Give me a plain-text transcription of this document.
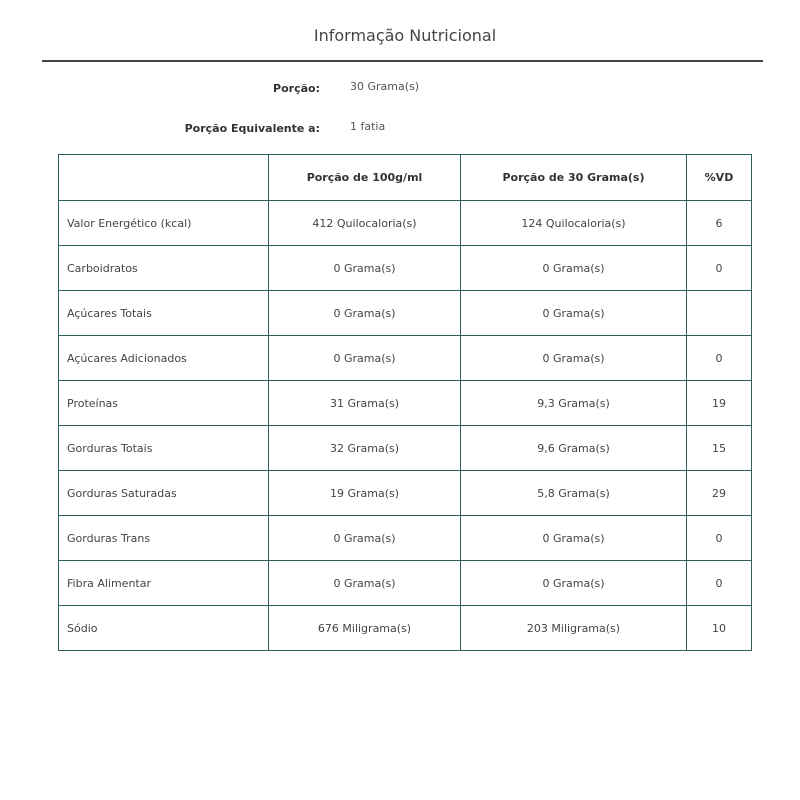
Informação Nutricional
Porção:	30 Grama(s)
Porção Equivalente a:	1 fatia
	Porção de 100g/ml	Porção de 30 Grama(s)	%VD
Valor Energético (kcal)	412 Quilocaloria(s)	124 Quilocaloria(s)	6
Carboidratos	0 Grama(s)	0 Grama(s)	0
Açúcares Totais	0 Grama(s)	0 Grama(s)	
Açúcares Adicionados	0 Grama(s)	0 Grama(s)	0
Proteínas	31 Grama(s)	9,3 Grama(s)	19
Gorduras Totais	32 Grama(s)	9,6 Grama(s)	15
Gorduras Saturadas	19 Grama(s)	5,8 Grama(s)	29
Gorduras Trans	0 Grama(s)	0 Grama(s)	0
Fibra Alimentar	0 Grama(s)	0 Grama(s)	0
Sódio	676 Miligrama(s)	203 Miligrama(s)	10
